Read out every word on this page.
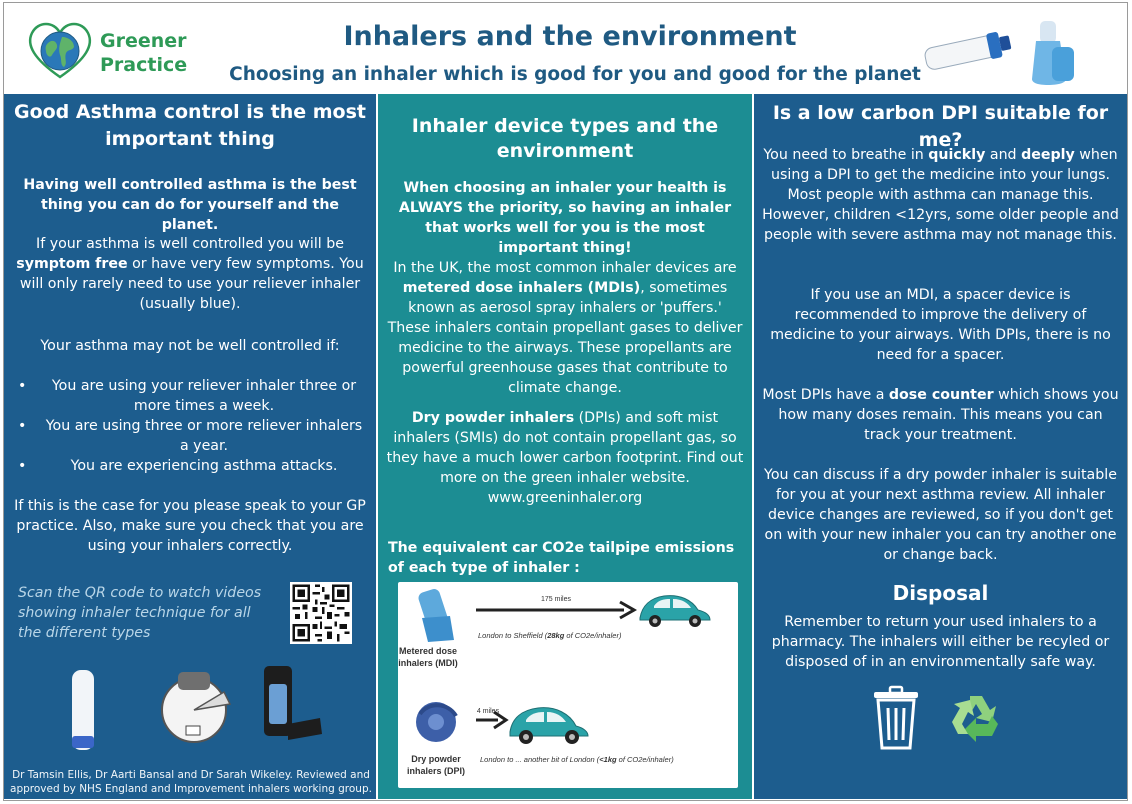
Greener
Practice
Inhalers and the environment
Choosing an inhaler which is good for you and good for the planet
Good Asthma control is the most important thing
Having well controlled asthma is the best thing you can do for yourself and the planet.
If your asthma is well controlled you will be symptom free or have very few symptoms. You will only rarely need to use your reliever inhaler (usually blue).
Your asthma may not be well controlled if:
•	You are using your reliever inhaler three or more times a week.
•	You are using three or more reliever inhalers a year.
•	You are experiencing asthma attacks.
If this is the case for you please speak to your GP practice. Also, make sure you check that you are using your inhalers correctly.
Scan the QR code to watch videos showing inhaler technique for all the different types
Dr Tamsin Ellis, Dr Aarti Bansal and Dr Sarah Wikeley. Reviewed and approved by NHS England and Improvement inhalers working group.
Inhaler device types and the environment
When choosing an inhaler your health is ALWAYS the priority, so having an inhaler that works well for you is the most important thing!
In the UK, the most common inhaler devices are metered dose inhalers (MDIs), sometimes known as aerosol spray inhalers or 'puffers.' These inhalers contain propellant gases to deliver medicine to the airways. These propellants are powerful greenhouse gases that contribute to climate change.
Dry powder inhalers (DPIs) and soft mist inhalers (SMIs) do not contain propellant gas, so they have a much lower carbon footprint. Find out more on the green inhaler website. www.greeninhaler.org
The equivalent car CO2e tailpipe emissions of each type of inhaler :
Metered dose
inhalers (MDI)
175 miles
London to Sheffield (28kg of CO2e/inhaler)
Dry powder
inhalers (DPI)
4 miles
London to ... another bit of London (<1kg of CO2e/inhaler)
Is a low carbon DPI suitable for me?
You need to breathe in quickly and deeply when using a DPI to get the medicine into your lungs. Most people with asthma can manage this. However, children <12yrs, some older people and people with severe asthma may not manage this.
If you use an MDI, a spacer device is recommended to improve the delivery of medicine to your airways. With DPIs, there is no need for a spacer.
Most DPIs have a dose counter which shows you how many doses remain. This means you can track your treatment.
You can discuss if a dry powder inhaler is suitable for you at your next asthma review. All inhaler device changes are reviewed, so if you don't get on with your new inhaler you can try another one or change back.
Disposal
Remember to return your used inhalers to a pharmacy. The inhalers will either be recyled or disposed of in an environmentally safe way.
